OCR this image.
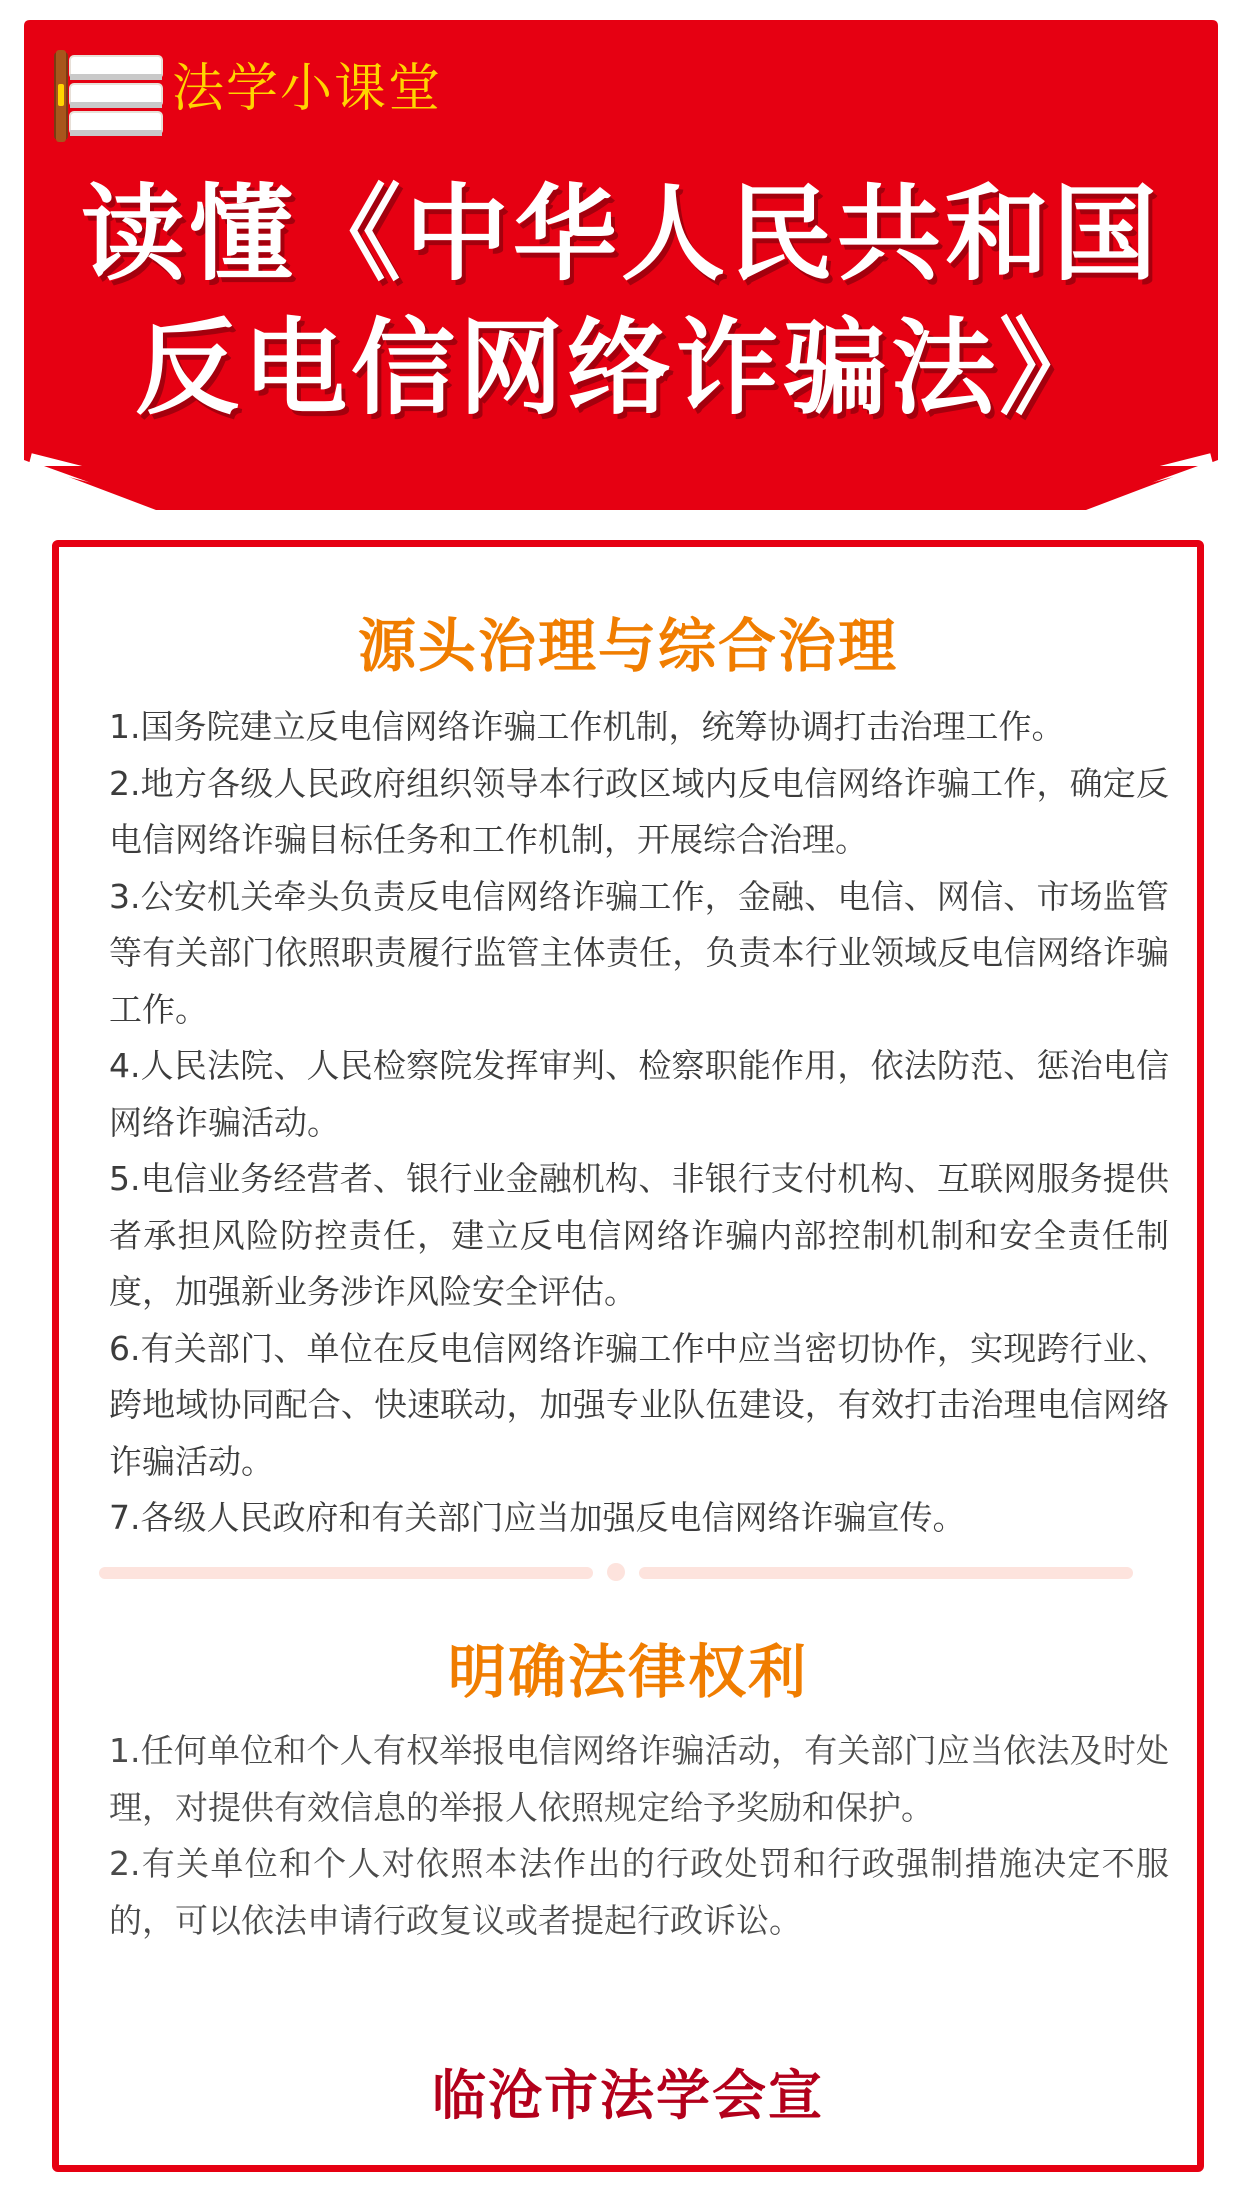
法学小课堂
读懂《中华人民共和国
反电信网络诈骗法》
源头治理与综合治理
1.国务院建立反电信网络诈骗工作机制，统筹协调打击治理工作。
2.地方各级人民政府组织领导本行政区域内反电信网络诈骗工作，确定反电信网络诈骗目标任务和工作机制，开展综合治理。
3.公安机关牵头负责反电信网络诈骗工作，金融、电信、网信、市场监管等有关部门依照职责履行监管主体责任，负责本行业领域反电信网络诈骗工作。
4.人民法院、人民检察院发挥审判、检察职能作用，依法防范、惩治电信网络诈骗活动。
5.电信业务经营者、银行业金融机构、非银行支付机构、互联网服务提供者承担风险防控责任，建立反电信网络诈骗内部控制机制和安全责任制度，加强新业务涉诈风险安全评估。
6.有关部门、单位在反电信网络诈骗工作中应当密切协作，实现跨行业、跨地域协同配合、快速联动，加强专业队伍建设，有效打击治理电信网络诈骗活动。
7.各级人民政府和有关部门应当加强反电信网络诈骗宣传。
明确法律权利
1.任何单位和个人有权举报电信网络诈骗活动，有关部门应当依法及时处理，对提供有效信息的举报人依照规定给予奖励和保护。
2.有关单位和个人对依照本法作出的行政处罚和行政强制措施决定不服的，可以依法申请行政复议或者提起行政诉讼。
临沧市法学会宣
